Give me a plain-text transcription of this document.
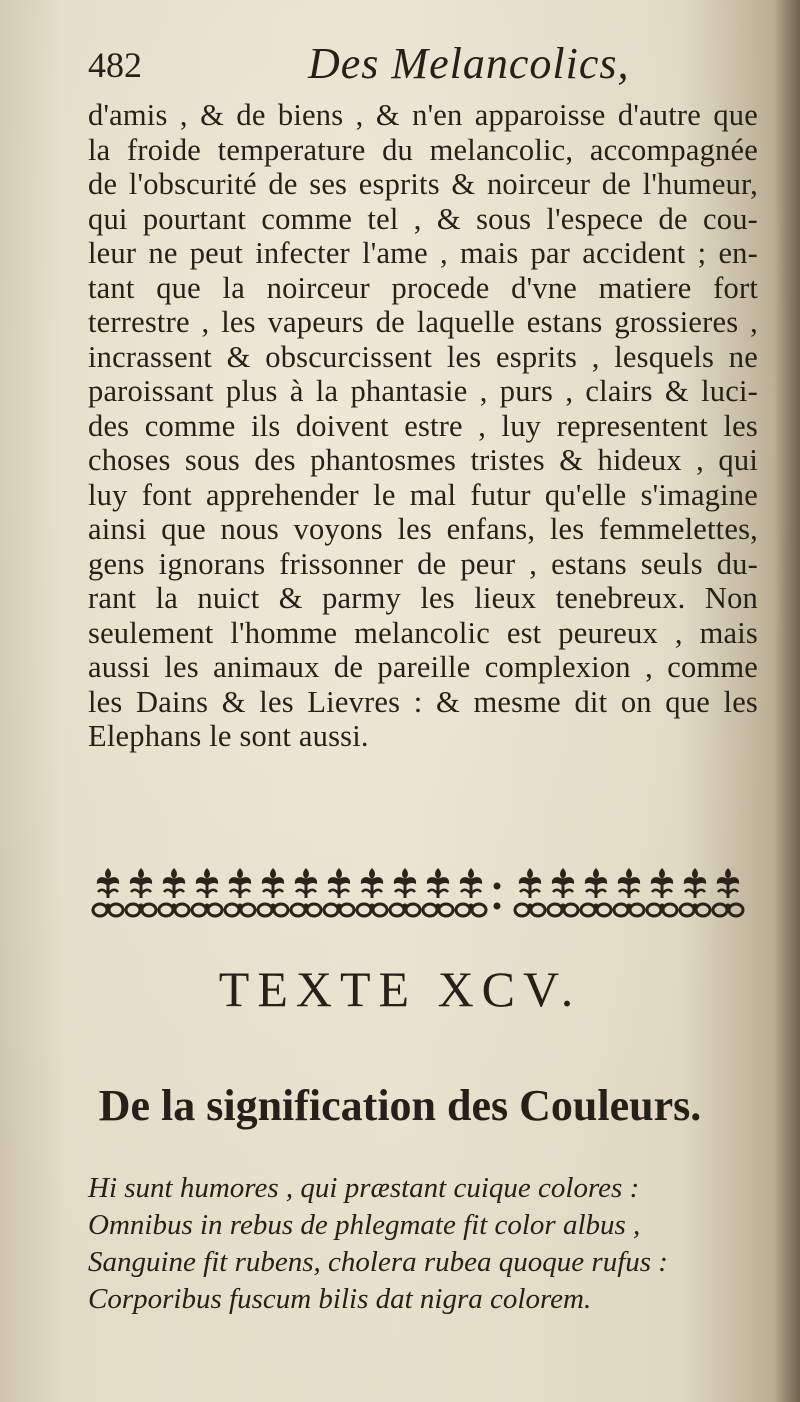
482	Des Melancolics,
d'amis , & de biens , & n'en apparoisse d'autre que
la froide temperature du melancolic, accompagnée
de l'obscurité de ses esprits & noirceur de l'humeur,
qui pourtant comme tel , & sous l'espece de cou-
leur ne peut infecter l'ame , mais par accident ; en-
tant que la noirceur procede d'vne matiere fort
terrestre , les vapeurs de laquelle estans grossieres ,
incrassent & obscurcissent les esprits , lesquels ne
paroissant plus à la phantasie , purs , clairs & luci-
des comme ils doivent estre , luy representent les
choses sous des phantosmes tristes & hideux , qui
luy font apprehender le mal futur qu'elle s'imagine
ainsi que nous voyons les enfans, les femmelettes,
gens ignorans frissonner de peur , estans seuls du-
rant la nuict & parmy les lieux tenebreux. Non
seulement l'homme melancolic est peureux , mais
aussi les animaux de pareille complexion , comme
les Dains & les Lievres : & mesme dit on que les
Elephans le sont aussi.
TEXTE XCV.
De la signification des Couleurs.
Hi sunt humores , qui præstant cuique colores :
Omnibus in rebus de phlegmate fit color albus ,
Sanguine fit rubens, cholera rubea quoque rufus :
Corporibus fuscum bilis dat nigra colorem.
